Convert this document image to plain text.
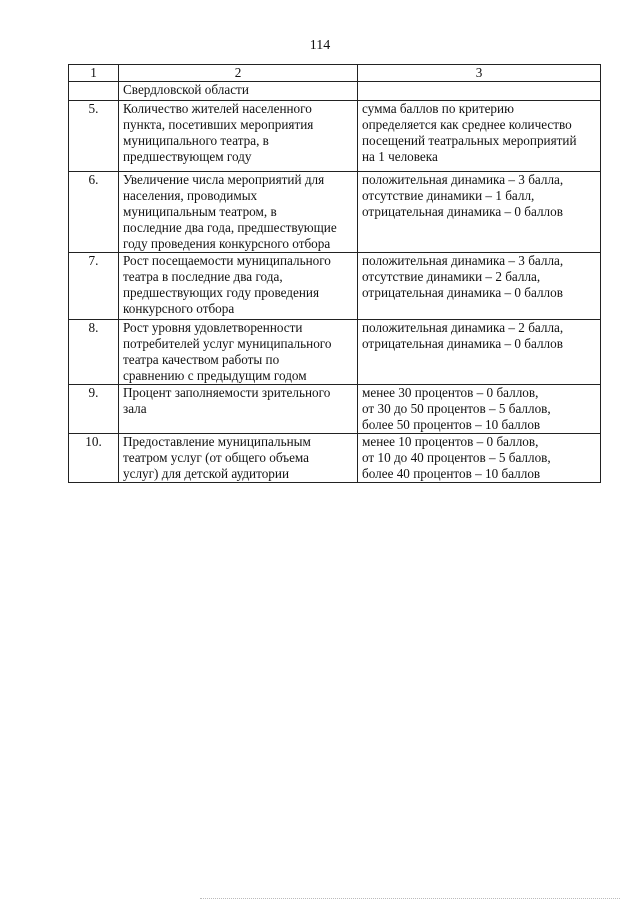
114
1	2	3
	Свердловской области	
5.	Количество жителей населенного
пункта, посетивших мероприятия
муниципального театра, в
предшествующем году	сумма баллов по критерию
определяется как среднее количество
посещений театральных мероприятий
на 1 человека

6.	Увеличение числа мероприятий для
населения, проводимых
муниципальным театром, в
последние два года, предшествующие
году проведения конкурсного отбора	положительная динамика – 3 балла,
отсутствие динамики – 1 балл,
отрицательная динамика – 0 баллов

7.	Рост посещаемости муниципального
театра в последние два года,
предшествующих году проведения
конкурсного отбора	положительная динамика – 3 балла,
отсутствие динамики – 2 балла,
отрицательная динамика – 0 баллов

8.	Рост уровня удовлетворенности
потребителей услуг муниципального
театра качеством работы по
сравнению с предыдущим годом	положительная динамика – 2 балла,
отрицательная динамика – 0 баллов

9.	Процент заполняемости зрительного
зала	менее 30 процентов – 0 баллов,
от 30 до 50 процентов – 5 баллов,
более 50 процентов – 10 баллов

10.	Предоставление муниципальным
театром услуг (от общего объема
услуг) для детской аудитории	менее 10 процентов – 0 баллов,
от 10 до 40 процентов – 5 баллов,
более 40 процентов – 10 баллов
